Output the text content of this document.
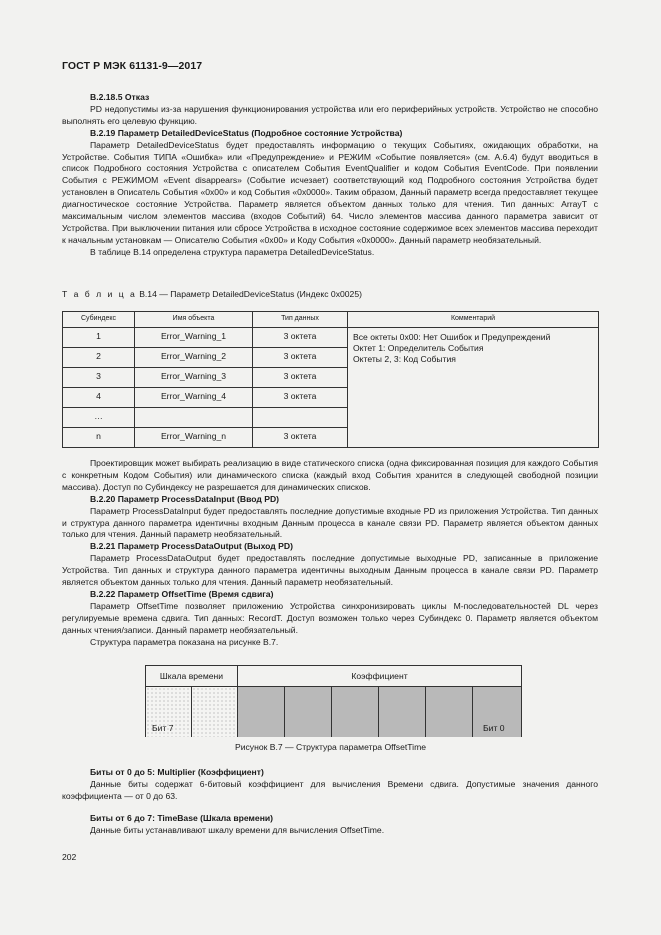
ГОСТ Р МЭК 61131-9—2017

B.2.18.5 Отказ

PD недопустимы из-за нарушения функционирования устройства или его периферийных устройств. Устройство не способно выполнять его целевую функцию.

B.2.19 Параметр DetailedDeviceStatus (Подробное состояние Устройства)

Параметр DetailedDeviceStatus будет предоставлять информацию о текущих Событиях, ожидающих обработки, на Устройстве. События ТИПА «Ошибка» или «Предупреждение» и РЕЖИМ «Событие появляется» (см. A.6.4) будут вводиться в список Подробного состояния Устройства с описателем События EventQualifier и кодом События EventCode. При появлении События с РЕЖИМОМ «Event disappears» (Событие исчезает) соответствующий код Подробного состояния Устройства будет установлен в Описатель События «0x00» и код События «0x0000». Таким образом, Данный параметр всегда предоставляет текущее диагностическое состояние Устройства. Параметр является объектом данных только для чтения. Тип данных: ArrayT с максимальным числом элементов массива (входов Событий) 64. Число элементов массива данного параметра зависит от Устройства. При выключении питания или сбросе Устройства в исходное состояние содержимое всех элементов массива переходит к начальным установкам — Описателю События «0x00» и Коду События «0x0000». Данный параметр необязательный.

В таблице B.14 определена структура параметра DetailedDeviceStatus.

Т а б л и ц а B.14 — Параметр DetailedDeviceStatus (Индекс 0x0025)

Субиндекс	Имя объекта	Тип данных	Комментарий
1	Error_Warning_1	3 октета	Все октеты 0x00: Нет Ошибок и Предупреждений
Октет 1: Определитель События
Октеты 2, 3: Код События

2	Error_Warning_2	3 октета	
3	Error_Warning_3	3 октета	
4	Error_Warning_4	3 октета	
…			
n	Error_Warning_n	3 октета	

Проектировщик может выбирать реализацию в виде статического списка (одна фиксированная позиция для каждого События с конкретным Кодом События) или динамического списка (каждый вход События хранится в следующей свободной позиции массива). Доступ по Субиндексу не разрешается для динамических списков.

B.2.20 Параметр ProcessDataInput (Ввод PD)

Параметр ProcessDataInput будет предоставлять последние допустимые входные PD из приложения Устройства. Тип данных и структура данного параметра идентичны входным Данным процесса в канале связи PD. Параметр является объектом данных только для чтения. Данный параметр необязательный.

B.2.21 Параметр ProcessDataOutput (Выход PD)

Параметр ProcessDataOutput будет предоставлять последние допустимые выходные PD, записанные в приложение Устройства. Тип данных и структура данного параметра идентичны выходным Данным процесса в канале связи PD. Параметр является объектом данных только для чтения. Данный параметр необязательный.

B.2.22 Параметр OffsetTime (Время сдвига)

Параметр OffsetTime позволяет приложению Устройства синхронизировать циклы M-последовательностей DL через регулируемые времена сдвига. Тип данных: RecordT. Доступ возможен только через Субиндекс 0. Параметр является объектом данных чтения/записи. Данный параметр необязательный.

Структура параметра показана на рисунке B.7.

Шкала времени	Коэффициент
Бит 7	Бит 0
Рисунок B.7 — Структура параметра OffsetTime

Биты от 0 до 5: Multiplier (Коэффициент)

Данные биты содержат 6-битовый коэффициент для вычисления Времени сдвига. Допустимые значения данного коэффициента — от 0 до 63.

Биты от 6 до 7: TimeBase (Шкала времени)

Данные биты устанавливают шкалу времени для вычисления OffsetTime.

202
